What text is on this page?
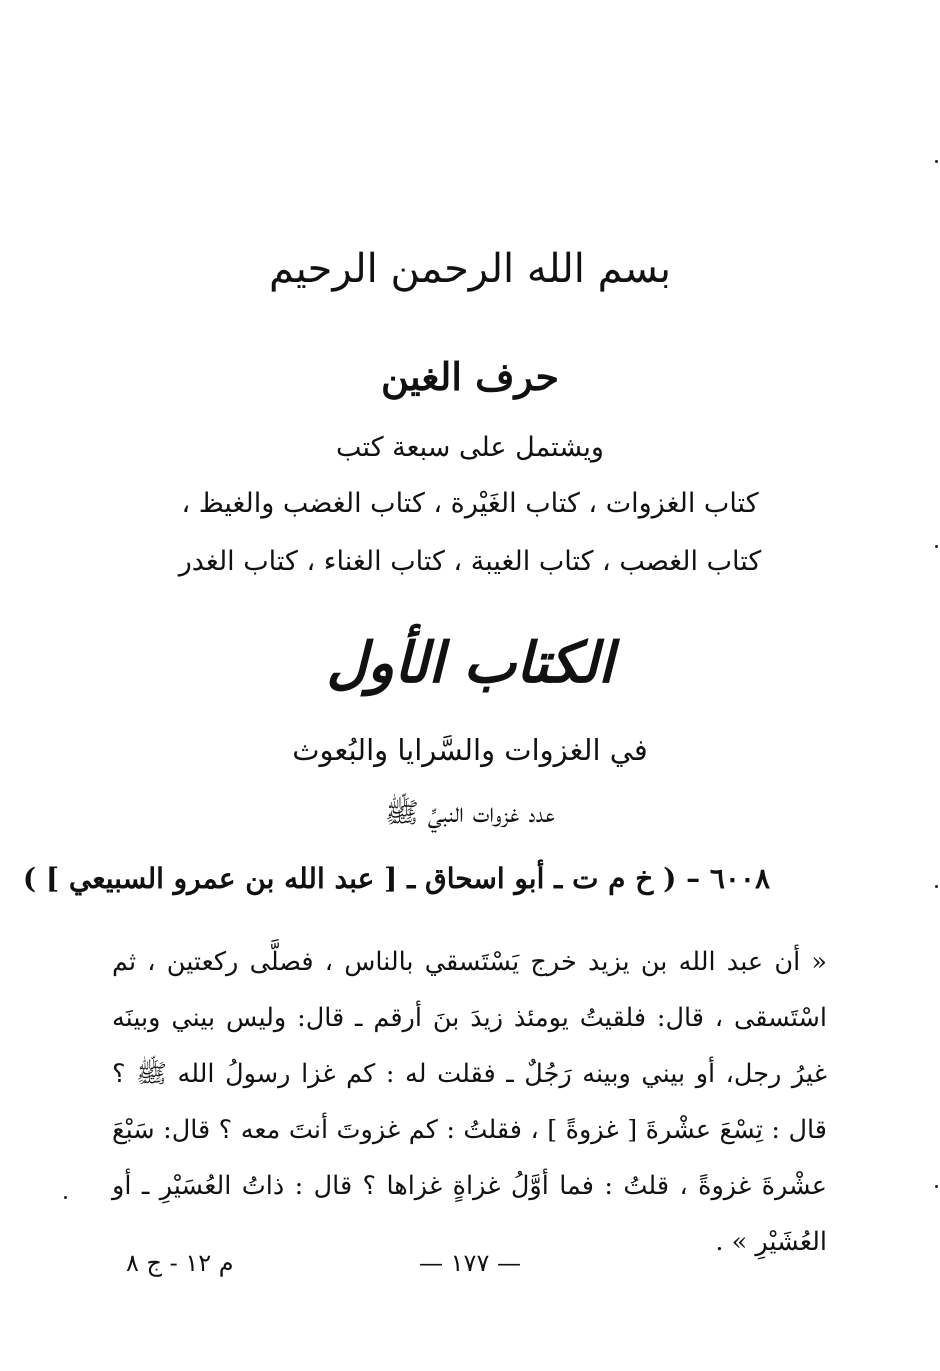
بسم الله الرحمن الرحيم
حرف الغين
ويشتمل على سبعة كتب
كتاب الغزوات ، كتاب الغَيْرة ، كتاب الغضب والغيظ ،
كتاب الغصب ، كتاب الغيبة ، كتاب الغناء ، كتاب الغدر
الكتاب الأول
في الغزوات والسَّرايا والبُعوث
عدد غزوات النبيِّ ﷺ
٦٠٠٨ – ( خ م ت ـ أبو اسحاق ـ [ عبد الله بن عمرو السبيعي ] )

« أن عبد الله بن يزيد خرج يَسْتَسقي بالناس ، فصلَّى ركعتين ، ثم اسْتَسقى ، قال: فلقيتُ يومئذ زيدَ بنَ أرقم ـ قال: وليس بيني وبينَه غيرُ رجل، أو بيني وبينه رَجُلٌ ـ فقلت له : كم غزا رسولُ الله ﷺ ؟ قال : تِسْعَ عشْرةَ [ غزوةً ] ، فقلتُ : كم غزوتَ أنتَ معه ؟ قال: سَبْعَ عشْرةَ غزوةً ، قلتُ : فما أوَّلُ غزاةٍ غزاها ؟ قال : ذاتُ العُسَيْرِ ـ أو العُشَيْرِ » .

— ١٧٧ —
م ١٢ - ج ٨
